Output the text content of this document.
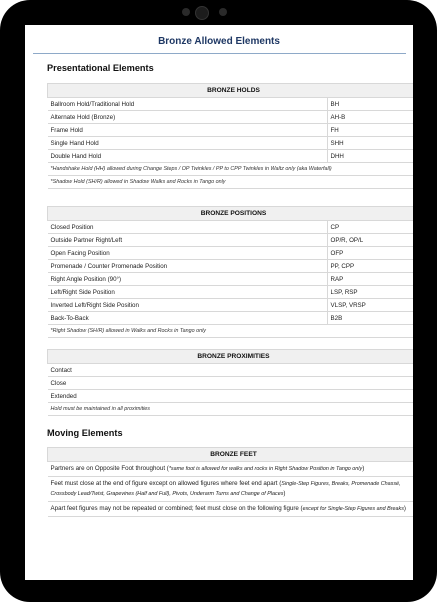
Bronze Allowed Elements
Presentational Elements
BRONZE HOLDS	
Ballroom Hold/Traditional Hold	BH
Alternate Hold (Bronze)	AH-B
Frame Hold	FH
Single Hand Hold	SHH
Double Hand Hold	DHH
*Handshake Hold (HH) allowed during Change Steps / OP Twinkles / PP to CPP Twinkles in Waltz only (aka Waterfall)	
*Shadow Hold (SH/R) allowed in Shadow Walks and Rocks in Tango only	
BRONZE POSITIONS	
Closed Position	CP
Outside Partner Right/Left	OP/R, OP/L
Open Facing Position	OFP
Promenade / Counter Promenade Position	PP, CPP
Right Angle Position (90°)	RAP
Left/Right Side Position	LSP, RSP
Inverted Left/Right Side Position	VLSP, VRSP
Back-To-Back	B2B
*Right Shadow (SH/R) allowed in Walks and Rocks in Tango only	
BRONZE PROXIMITIES
Contact
Close
Extended
Hold must be maintained in all proximities
Moving Elements
BRONZE FEET
Partners are on Opposite Foot throughout (*same foot is allowed for walks and rocks in Right Shadow Position in Tango only)
Feet must close at the end of figure except on allowed figures where feet end apart (Single-Step Figures, Breaks, Promenade Chassé, Crossbody Lead/Twist, Grapevines (Half and Full), Pivots, Underarm Turns and Change of Places)
Apart feet figures may not be repeated or combined; feet must close on the following figure (except for Single-Step Figures and Breaks)
